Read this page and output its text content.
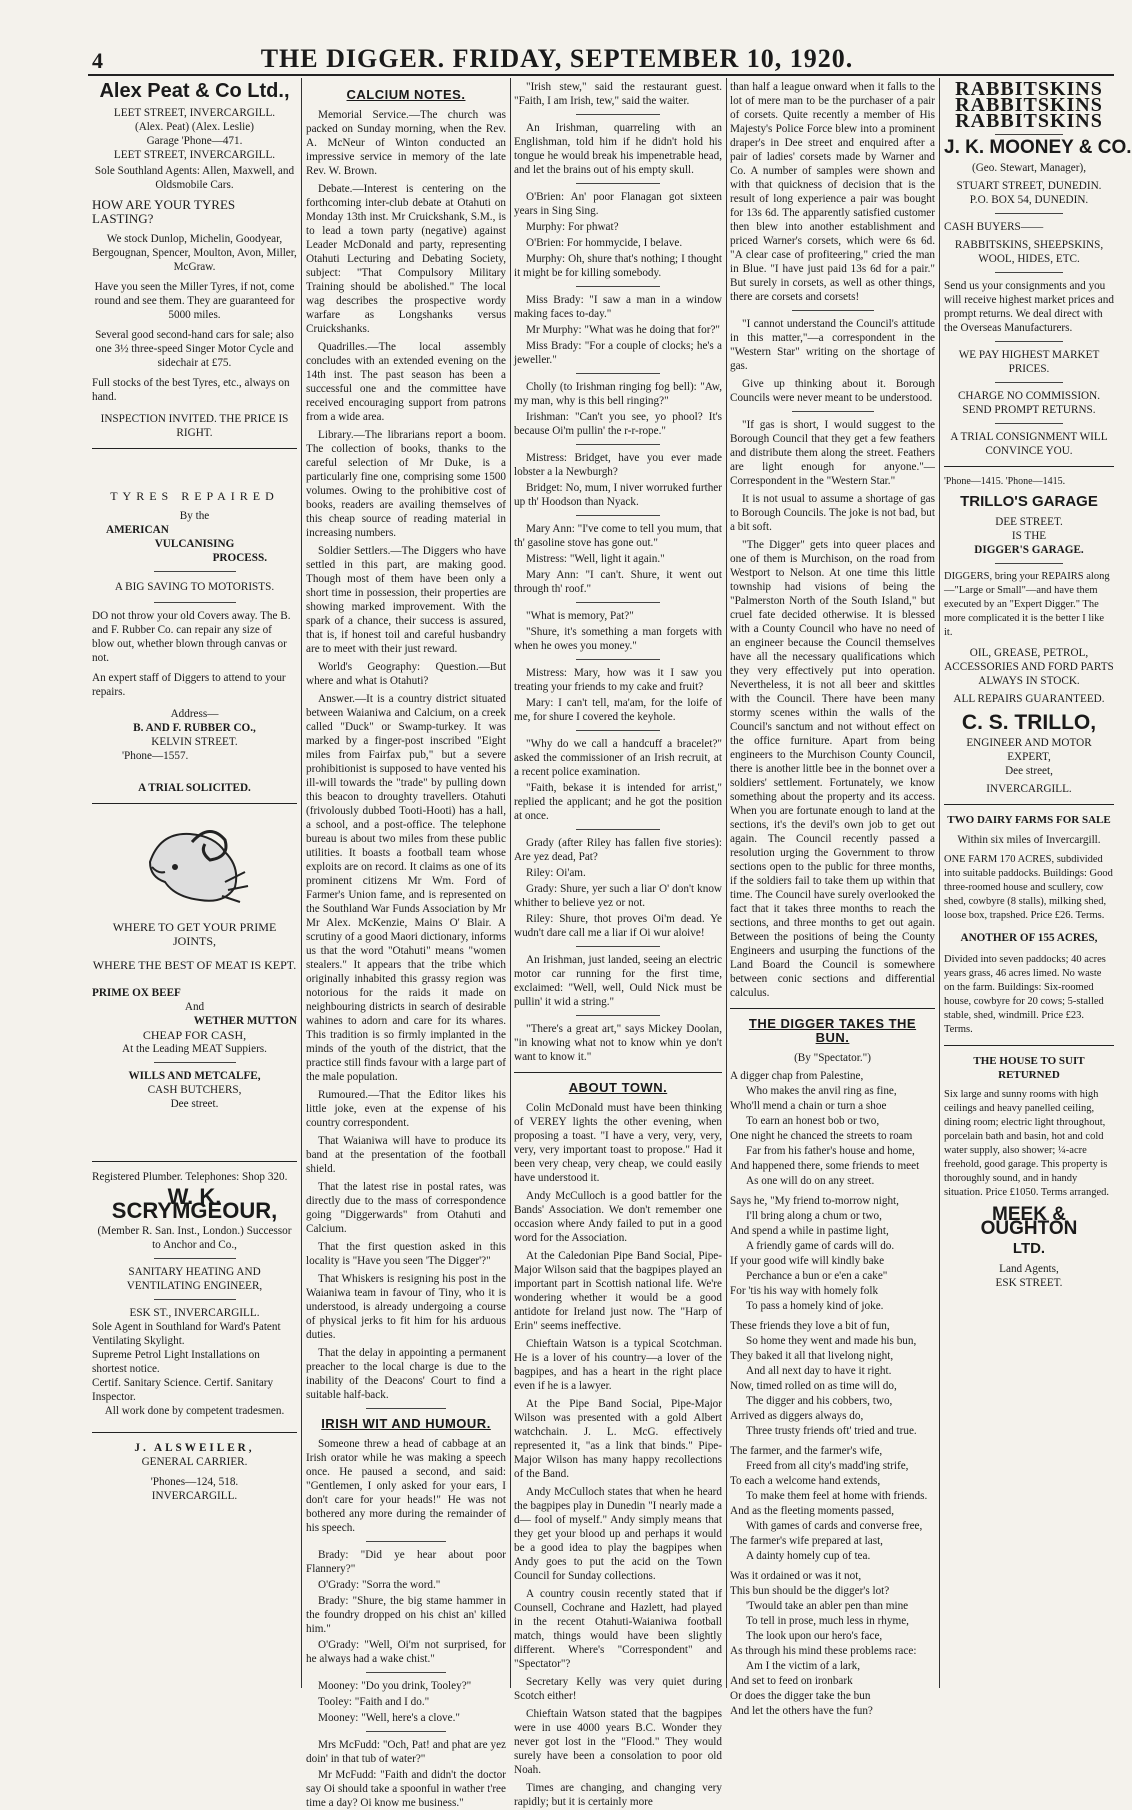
4	THE DIGGER. FRIDAY, SEPTEMBER 10, 1920.
Alex Peat & Co Ltd.,
LEET STREET, INVERCARGILL.
(Alex. Peat) (Alex. Leslie)
Garage 'Phone—471.
LEET STREET, INVERCARGILL.
Sole Southland Agents: Allen, Maxwell, and Oldsmobile Cars.
HOW ARE YOUR TYRES LASTING?
We stock Dunlop, Michelin, Goodyear, Bergougnan, Spencer, Moulton, Avon, Miller, McGraw.
Have you seen the Miller Tyres, if not, come round and see them. They are guaranteed for 5000 miles.
Several good second-hand cars for sale; also one 3½ three-speed Singer Motor Cycle and sidechair at £75.
Full stocks of the best Tyres, etc., always on hand.
INSPECTION INVITED. THE PRICE IS RIGHT.
TYRES REPAIRED
By the
AMERICAN
VULCANISING
PROCESS.
A BIG SAVING TO MOTORISTS.
DO not throw your old Covers away. The B. and F. Rubber Co. can repair any size of blow out, whether blown through canvas or not.
An expert staff of Diggers to attend to your repairs.
Address—
B. AND F. RUBBER CO.,
KELVIN STREET.
'Phone—1557.
A TRIAL SOLICITED.
WHERE TO GET YOUR PRIME JOINTS,
WHERE THE BEST OF MEAT IS KEPT.
PRIME OX BEEF
And
WETHER MUTTON
CHEAP FOR CASH,
At the Leading MEAT Suppiers.
WILLS AND METCALFE,
CASH BUTCHERS,
Dee street.
Registered Plumber. Telephones: Shop 320.
W. K. SCRYMGEOUR,
(Member R. San. Inst., London.) Successor to Anchor and Co.,
SANITARY HEATING AND VENTILATING ENGINEER,
ESK ST., INVERCARGILL.
Sole Agent in Southland for Ward's Patent Ventilating Skylight.
Supreme Petrol Light Installations on shortest notice.
Certif. Sanitary Science. Certif. Sanitary Inspector.
All work done by competent tradesmen.
J. ALSWEILER,
GENERAL CARRIER.
'Phones—124, 518.
INVERCARGILL.
CALCIUM NOTES.

Memorial Service.—The church was packed on Sunday morning, when the Rev. A. McNeur of Winton conducted an impressive service in memory of the late Rev. W. Brown.

Debate.—Interest is centering on the forthcoming inter-club debate at Otahuti on Monday 13th inst. Mr Cruickshank, S.M., is to lead a town party (negative) against Leader McDonald and party, representing Otahuti Lecturing and Debating Society, subject: "That Compulsory Military Training should be abolished." The local wag describes the prospective wordy warfare as Longshanks versus Cruickshanks.

Quadrilles.—The local assembly concludes with an extended evening on the 14th inst. The past season has been a successful one and the committee have received encouraging support from patrons from a wide area.

Library.—The librarians report a boom. The collection of books, thanks to the careful selection of Mr Duke, is a particularly fine one, comprising some 1500 volumes. Owing to the prohibitive cost of books, readers are availing themselves of this cheap source of reading material in increasing numbers.

Soldier Settlers.—The Diggers who have settled in this part, are making good. Though most of them have been only a short time in possession, their properties are showing marked improvement. With the spark of a chance, their success is assured, that is, if honest toil and careful husbandry are to meet with their just reward.

World's Geography: Question.—But where and what is Otahuti?

Answer.—It is a country district situated between Waianiwa and Calcium, on a creek called "Duck" or Swamp-turkey. It was marked by a finger-post inscribed "Eight miles from Fairfax pub," but a severe prohibitionist is supposed to have vented his ill-will towards the "trade" by pulling down this beacon to droughty travellers. Otahuti (frivolously dubbed Tooti-Hooti) has a hall, a school, and a post-office. The telephone bureau is about two miles from these public utilities. It boasts a football team whose exploits are on record. It claims as one of its prominent citizens Mr Wm. Ford of Farmer's Union fame, and is represented on the Southland War Funds Association by Mr Mr Alex. McKenzie, Mains O' Blair. A scrutiny of a good Maori dictionary, informs us that the word "Otahuti" means "women stealers." It appears that the tribe which originally inhabited this grassy region was notorious for the raids it made on neighbouring districts in search of desirable wahines to adorn and care for its whares. This tradition is so firmly implanted in the minds of the youth of the district, that the practice still finds favour with a large part of the male population.

Rumoured.—That the Editor likes his little joke, even at the expense of his country correspondent.

That Waianiwa will have to produce its band at the presentation of the football shield.

That the latest rise in postal rates, was directly due to the mass of correspondence going "Diggerwards" from Otahuti and Calcium.

That the first question asked in this locality is "Have you seen 'The Digger'?"

That Whiskers is resigning his post in the Waianiwa team in favour of Tiny, who it is understood, is already undergoing a course of physical jerks to fit him for his arduous duties.

That the delay in appointing a permanent preacher to the local charge is due to the inability of the Deacons' Court to find a suitable half-back.

IRISH WIT AND HUMOUR.

Someone threw a head of cabbage at an Irish orator while he was making a speech once. He paused a second, and said: "Gentlemen, I only asked for your ears, I don't care for your heads!" He was not bothered any more during the remainder of his speech.

Brady: "Did ye hear about poor Flannery?"

O'Grady: "Sorra the word."

Brady: "Shure, the big stame hammer in the foundry dropped on his chist an' killed him."

O'Grady: "Well, Oi'm not surprised, for he always had a wake chist."

Mooney: "Do you drink, Tooley?"

Tooley: "Faith and I do."

Mooney: "Well, here's a clove."

Mrs McFudd: "Och, Pat! and phat are yez doin' in that tub of water?"

Mr McFudd: "Faith and didn't the doctor say Oi should take a spoonful in wather t'ree time a day? Oi know me business."

"Irish stew," said the restaurant guest. "Faith, I am Irish, tew," said the waiter.

An Irishman, quarreling with an Englishman, told him if he didn't hold his tongue he would break his impenetrable head, and let the brains out of his empty skull.

O'Brien: An' poor Flanagan got sixteen years in Sing Sing.

Murphy: For phwat?

O'Brien: For hommycide, I belave.

Murphy: Oh, shure that's nothing; I thought it might be for killing somebody.

Miss Brady: "I saw a man in a window making faces to-day."

Mr Murphy: "What was he doing that for?"

Miss Brady: "For a couple of clocks; he's a jeweller."

Cholly (to Irishman ringing fog bell): "Aw, my man, why is this bell ringing?"

Irishman: "Can't you see, yo phool? It's because Oi'm pullin' the r-r-rope."

Mistress: Bridget, have you ever made lobster a la Newburgh?

Bridget: No, mum, I niver worruked further up th' Hoodson than Nyack.

Mary Ann: "I've come to tell you mum, that th' gasoline stove has gone out."

Mistress: "Well, light it again."

Mary Ann: "I can't. Shure, it went out through th' roof."

"What is memory, Pat?"

"Shure, it's something a man forgets with when he owes you money."

Mistress: Mary, how was it I saw you treating your friends to my cake and fruit?

Mary: I can't tell, ma'am, for the loife of me, for shure I covered the keyhole.

"Why do we call a handcuff a bracelet?" asked the commissioner of an Irish recruit, at a recent police examination.

"Faith, bekase it is intended for arrist," replied the applicant; and he got the position at once.

Grady (after Riley has fallen five stories): Are yez dead, Pat?

Riley: Oi'am.

Grady: Shure, yer such a liar O' don't know whither to believe yez or not.

Riley: Shure, thot proves Oi'm dead. Ye wudn't dare call me a liar if Oi wur aloive!

An Irishman, just landed, seeing an electric motor car running for the first time, exclaimed: "Well, well, Ould Nick must be pullin' it wid a string."

"There's a great art," says Mickey Doolan, "in knowing what not to know whin ye don't want to know it."

ABOUT TOWN.

Colin McDonald must have been thinking of VEREY lights the other evening, when proposing a toast. "I have a very, very, very, very, very important toast to propose." Had it been very cheap, very cheap, we could easily have understood it.

Andy McCulloch is a good battler for the Bands' Association. We don't remember one occasion where Andy failed to put in a good word for the Association.

At the Caledonian Pipe Band Social, Pipe-Major Wilson said that the bagpipes played an important part in Scottish national life. We're wondering whether it would be a good antidote for Ireland just now. The "Harp of Erin" seems ineffective.

Chieftain Watson is a typical Scotchman. He is a lover of his country—a lover of the bagpipes, and has a heart in the right place even if he is a lawyer.

At the Pipe Band Social, Pipe-Major Wilson was presented with a gold Albert watchchain. J. L. McG. effectively represented it, "as a link that binds." Pipe-Major Wilson has many happy recollections of the Band.

Andy McCulloch states that when he heard the bagpipes play in Dunedin "I nearly made a d— fool of myself." Andy simply means that they get your blood up and perhaps it would be a good idea to play the bagpipes when Andy goes to put the acid on the Town Council for Sunday collections.

A country cousin recently stated that if Counsell, Cochrane and Hazlett, had played in the recent Otahuti-Waianiwa football match, things would have been slightly different. Where's "Correspondent" and "Spectator"?

Secretary Kelly was very quiet during Scotch either!

Chieftain Watson stated that the bagpipes were in use 4000 years B.C. Wonder they never got lost in the "Flood." They would surely have been a consolation to poor old Noah.

Times are changing, and changing very rapidly; but it is certainly more

than half a league onward when it falls to the lot of mere man to be the purchaser of a pair of corsets. Quite recently a member of His Majesty's Police Force blew into a prominent draper's in Dee street and enquired after a pair of ladies' corsets made by Warner and Co. A number of samples were shown and with that quickness of decision that is the result of long experience a pair was bought for 13s 6d. The apparently satisfied customer then blew into another establishment and priced Warner's corsets, which were 6s 6d. "A clear case of profiteering," cried the man in Blue. "I have just paid 13s 6d for a pair." But surely in corsets, as well as other things, there are corsets and corsets!

"I cannot understand the Council's attitude in this matter,"—a correspondent in the "Western Star" writing on the shortage of gas.

Give up thinking about it. Borough Councils were never meant to be understood.

"If gas is short, I would suggest to the Borough Council that they get a few feathers and distribute them along the street. Feathers are light enough for anyone."—Correspondent in the "Western Star."

It is not usual to assume a shortage of gas to Borough Councils. The joke is not bad, but a bit soft.

"The Digger" gets into queer places and one of them is Murchison, on the road from Westport to Nelson. At one time this little township had visions of being the "Palmerston North of the South Island," but cruel fate decided otherwise. It is blessed with a County Council who have no need of an engineer because the Council themselves have all the necessary qualifications which they very effectively put into operation. Nevertheless, it is not all beer and skittles with the Council. There have been many stormy scenes within the walls of the Council's sanctum and not without effect on the office furniture. Apart from being engineers to the Murchison County Council, there is another little bee in the bonnet over a soldiers' settlement. Fortunately, we know something about the property and its access. When you are fortunate enough to land at the sections, it's the devil's own job to get out again. The Council recently passed a resolution urging the Government to throw sections open to the public for three months, if the soldiers fail to take them up within that time. The Council have surely overlooked the fact that it takes three months to reach the sections, and three months to get out again. Between the positions of being the County Engineers and usurping the functions of the Land Board the Council is somewhere between conic sections and differential calculus.

THE DIGGER TAKES THE BUN.
(By "Spectator.")

A digger chap from Palestine,

Who makes the anvil ring as fine,

Who'll mend a chain or turn a shoe

To earn an honest bob or two,

One night he chanced the streets to roam

Far from his father's house and home,

And happened there, some friends to meet

As one will do on any street.

Says he, "My friend to-morrow night,

I'll bring along a chum or two,

And spend a while in pastime light,

A friendly game of cards will do.

If your good wife will kindly bake

Perchance a bun or e'en a cake"

For 'tis his way with homely folk

To pass a homely kind of joke.

These friends they love a bit of fun,

So home they went and made his bun,

They baked it all that livelong night,

And all next day to have it right.

Now, timed rolled on as time will do,

The digger and his cobbers, two,

Arrived as diggers always do,

Three trusty friends oft' tried and true.

The farmer, and the farmer's wife,

Freed from all city's madd'ing strife,

To each a welcome hand extends,

To make them feel at home with friends.

And as the fleeting moments passed,

With games of cards and converse free,

The farmer's wife prepared at last,

A dainty homely cup of tea.

Was it ordained or was it not,

This bun should be the digger's lot?

'Twould take an abler pen than mine

To tell in prose, much less in rhyme,

The look upon our hero's face,

As through his mind these problems race:

Am I the victim of a lark,

And set to feed on ironbark

Or does the digger take the bun

And let the others have the fun?

RABBITSKINS
RABBITSKINS
RABBITSKINS
J. K. MOONEY & CO.
(Geo. Stewart, Manager),
STUART STREET, DUNEDIN.
P.O. BOX 54, DUNEDIN.
CASH BUYERS——
RABBITSKINS, SHEEPSKINS, WOOL, HIDES, ETC.
Send us your consignments and you will receive highest market prices and prompt returns. We deal direct with the Overseas Manufacturers.
WE PAY HIGHEST MARKET PRICES.
CHARGE NO COMMISSION. SEND PROMPT RETURNS.
A TRIAL CONSIGNMENT WILL CONVINCE YOU.
'Phone—1415. 'Phone—1415.
TRILLO'S GARAGE
DEE STREET.
IS THE
DIGGER'S GARAGE.
DIGGERS, bring your REPAIRS along —"Large or Small"—and have them executed by an "Expert Digger." The more complicated it is the better I like it.
OIL, GREASE, PETROL, ACCESSORIES AND FORD PARTS ALWAYS IN STOCK.
ALL REPAIRS GUARANTEED.
C. S. TRILLO,
ENGINEER AND MOTOR EXPERT,
Dee street,
INVERCARGILL.
TWO DAIRY FARMS FOR SALE
Within six miles of Invercargill.
ONE FARM 170 ACRES, subdivided into suitable paddocks. Buildings: Good three-roomed house and scullery, cow shed, cowbyre (8 stalls), milking shed, loose box, trapshed. Price £26. Terms.
ANOTHER OF 155 ACRES,
Divided into seven paddocks; 40 acres years grass, 46 acres limed. No waste on the farm. Buildings: Six-roomed house, cowbyre for 20 cows; 5-stalled stable, shed, windmill. Price £23. Terms.
THE HOUSE TO SUIT RETURNED
Six large and sunny rooms with high ceilings and heavy panelled ceiling, dining room; electric light throughout, porcelain bath and basin, hot and cold water supply, also shower; ¼-acre freehold, good garage. This property is thoroughly sound, and in handy situation. Price £1050. Terms arranged.
MEEK & OUGHTON
LTD.
Land Agents,
ESK STREET.
